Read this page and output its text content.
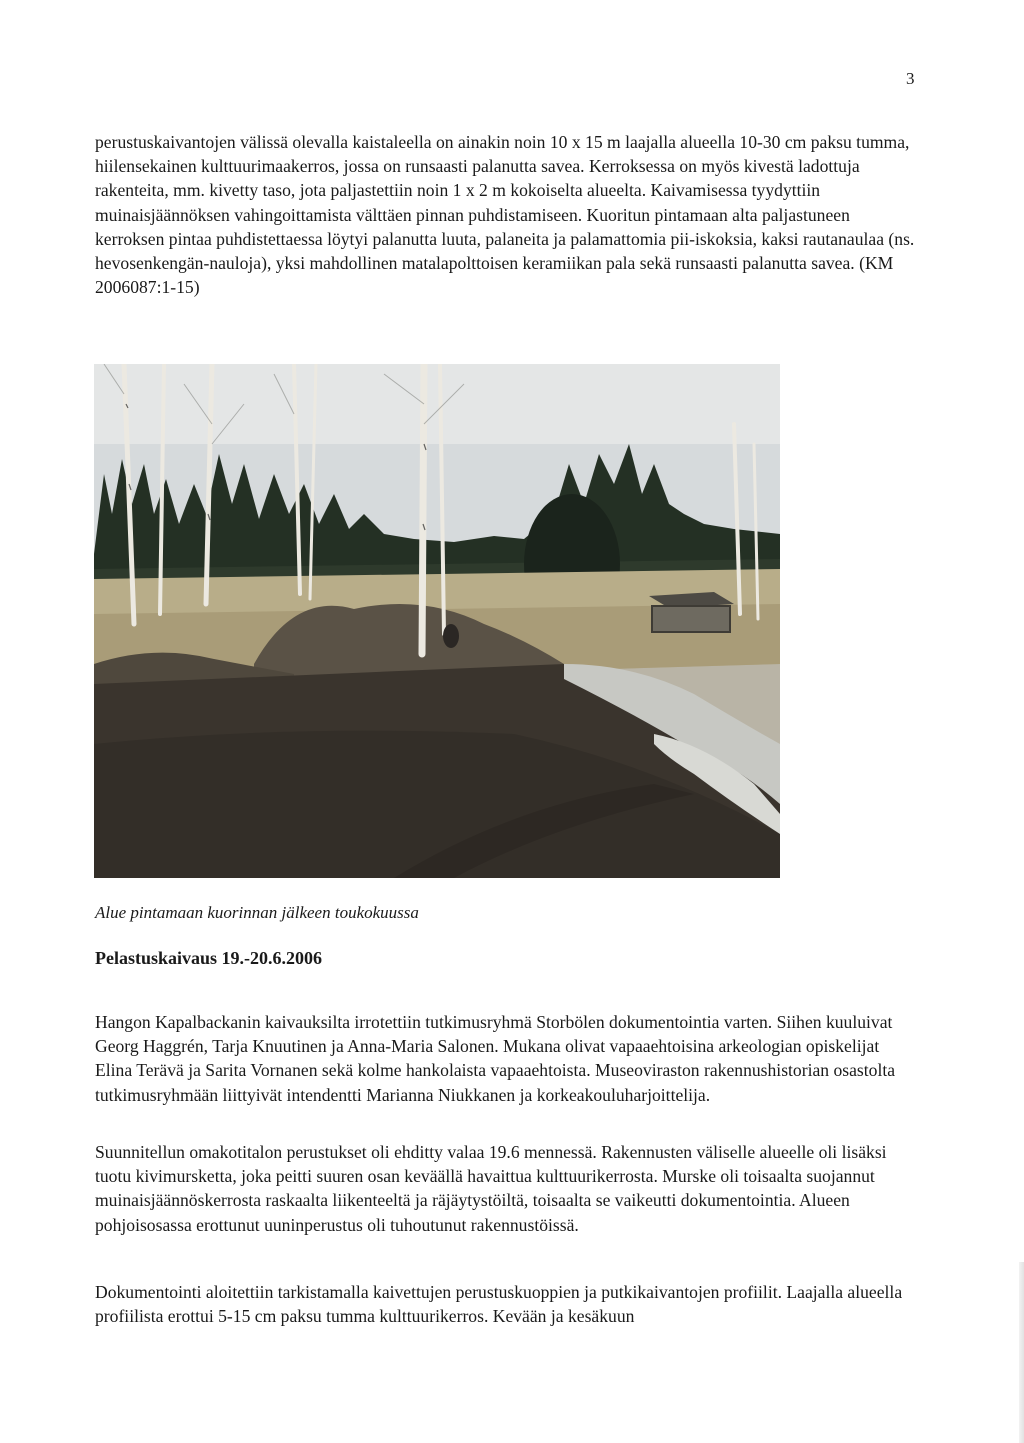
3

perustuskaivantojen välissä olevalla kaistaleella on ainakin noin 10 x 15 m laajalla alueella 10-30 cm paksu tumma, hiilensekainen kulttuurimaakerros, jossa on runsaasti palanutta savea. Kerroksessa on myös kivestä ladottuja rakenteita, mm. kivetty taso, jota paljastettiin noin 1 x 2 m kokoiselta alueelta. Kaivamisessa tyydyttiin muinaisjäännöksen vahingoittamista välttäen pinnan puhdistamiseen. Kuoritun pintamaan alta paljastuneen kerroksen pintaa puhdistettaessa löytyi palanutta luuta, palaneita ja palamattomia pii-iskoksia, kaksi rautanaulaa (ns. hevosenkengän-nauloja), yksi mahdollinen matalapolttoisen keramiikan pala sekä runsaasti palanutta savea. (KM 2006087:1-15)

Alue pintamaan kuorinnan jälkeen toukokuussa
Pelastuskaivaus 19.-20.6.2006

Hangon Kapalbackanin kaivauksilta irrotettiin tutkimusryhmä Storbölen dokumentointia varten. Siihen kuuluivat Georg Haggrén, Tarja Knuutinen ja Anna-Maria Salonen. Mukana olivat vapaaehtoisina arkeologian opiskelijat Elina Terävä ja Sarita Vornanen sekä kolme hankolaista vapaaehtoista. Museoviraston rakennushistorian osastolta tutkimusryhmään liittyivät intendentti Marianna Niukkanen ja korkeakouluharjoittelija.

Suunnitellun omakotitalon perustukset oli ehditty valaa 19.6 mennessä. Rakennusten väliselle alueelle oli lisäksi tuotu kivimursketta, joka peitti suuren osan keväällä havaittua kulttuurikerrosta. Murske oli toisaalta suojannut muinaisjäännöskerrosta raskaalta liikenteeltä ja räjäytystöiltä, toisaalta se vaikeutti dokumentointia. Alueen pohjoisosassa erottunut uuninperustus oli tuhoutunut rakennustöissä.

Dokumentointi aloitettiin tarkistamalla kaivettujen perustuskuoppien ja putkikaivantojen profiilit. Laajalla alueella profiilista erottui 5-15 cm paksu tumma kulttuurikerros. Kevään ja kesäkuun
